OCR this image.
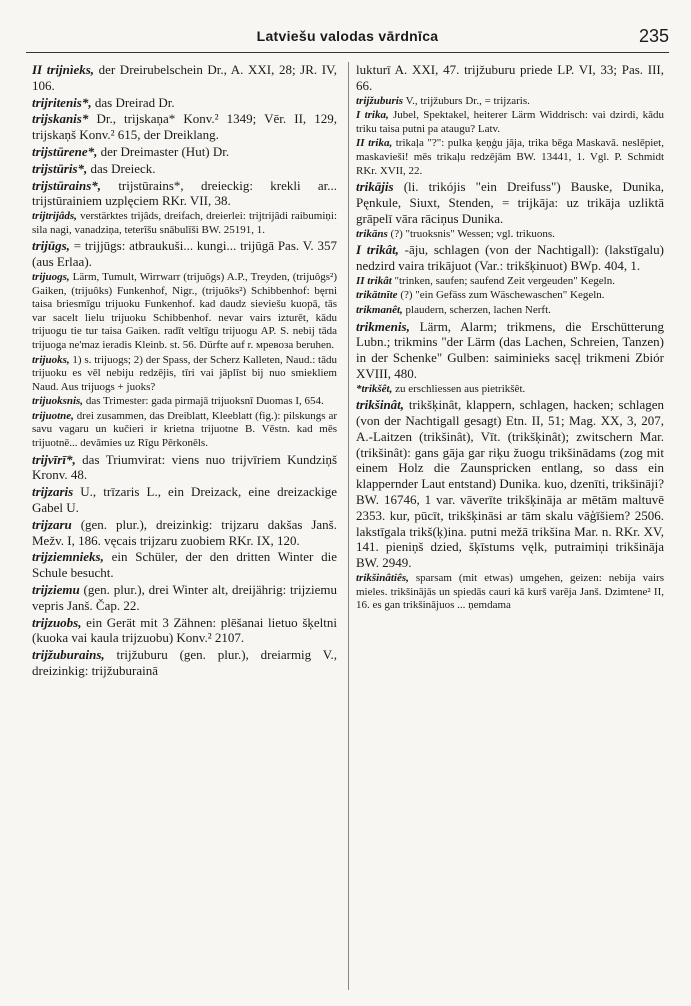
Latviešu valodas vārdnīca	235

II trijnìeks, der Dreirubelschein Dr., A. XXI, 28; JR. IV, 106.

trijritenis*, das Dreirad Dr.

trijskanis* Dr., trijskaņa* Konv.² 1349; Vēr. II, 129, trijskaņš Konv.² 615, der Dreiklang.

trijstūrene*, der Dreimaster (Hut) Dr.

trijstūris*, das Dreieck.

trijstūrains*, trijstūrains*, dreieckig: krekli ar... trijstūrainiem uzplęciem RKr. VII, 38.

trijtrijâds, verstärktes trijâds, dreifach, dreierlei: trijtrijâdi raibumiņi: sila nagi, vanadziņa, teterīšu snābulīši BW. 25191, 1.

trijūgs, = trijjūgs: atbraukuši... kungi... trijūgā Pas. V. 357 (aus Erlaa).

trijuogs, Lärm, Tumult, Wirrwarr (trijuõgs) A.P., Treyden, (trijuôgs²) Gaiken, (trijuôks) Funkenhof, Nigr., (trijuõks²) Schibbenhof: bęrni taisa briesmīgu trijuoku Funkenhof. kad daudz sieviešu kuopā, tās var sacelt lielu trijuoku Schibbenhof. nevar vairs izturēt, kādu trijuogu tie tur taisa Gaiken. radīt veltīgu trijuogu AP. S. nebij tāda trijuoga ne'maz ieradis Kleinb. st. 56. Dürfte auf r. мревоза beruhen.

trijuoks, 1) s. trijuogs; 2) der Spass, der Scherz Kalleten, Naud.: tādu trijuoku es vēl nebiju redzējis, tīri vai jāplīst bij nuo smiekliem Naud. Aus trijuogs + juoks?

trijuoksnis, das Trimester: gada pirmajā trijuoksnī Duomas I, 654.

trijuotne, drei zusammen, das Dreiblatt, Kleeblatt (fig.): pilskungs ar savu vagaru un kučieri ir krietna trijuotne B. Vēstn. kad mēs trijuotnē... devāmies uz Rīgu Pērkonēls.

trijvīrī*, das Triumvirat: viens nuo trijvīriem Kundziņš Kronv. 48.

trijzaris U., trīzaris L., ein Dreizack, eine dreizackige Gabel U.

trijzaru (gen. plur.), dreizinkig: trijzaru dakšas Janš. Mežv. I, 186. vęcais trijzaru zuobiem RKr. IX, 120.

trijziemnieks, ein Schüler, der den dritten Winter die Schule besucht.

trijziemu (gen. plur.), drei Winter alt, dreijährig: trijziemu vepris Janš. Čap. 22.

trijzuobs, ein Gerät mit 3 Zähnen: plēšanai lietuo šķeltni (kuoka vai kaula trijzuobu) Konv.² 2107.

trijžuburains, trijžuburu (gen. plur.), dreiarmig V., dreizinkig: trijžuburainā

lukturī A. XXI, 47. trijžuburu priede LP. VI, 33; Pas. III, 66.

trijžuburis V., trijžuburs Dr., = trijzaris.

I trika, Jubel, Spektakel, heiterer Lärm Widdrisch: vai dzirdi, kādu triku taisa putni pa ataugu? Latv.

II trika, trikaļa "?": pulka ķeņģu jāja, trika bēga Maskavā. neslēpiet, maskavieši! mēs trikaļu redzējām BW. 13441, 1. Vgl. P. Schmidt RKr. XVII, 22.

trikājis (li. trikójis "ein Dreifuss") Bauske, Dunika, Pęnkule, Siuxt, Stenden, = trijkāja: uz trikāja uzliktā grāpelī vāra rāciņus Dunika.

trikāns (?) "truoksnis" Wessen; vgl. trikuons.

I trikât, -āju, schlagen (von der Nachtigall): (lakstīgalu) nedzird vaira trikājuot (Var.: trikšķinuot) BWp. 404, 1.

II trikât "trinken, saufen; saufend Zeit vergeuden" Kegeln.

trikātnīte (?) "ein Gefäss zum Wäschewaschen" Kegeln.

trikmanêt, plaudern, scherzen, lachen Nerft.

trikmenis, Lärm, Alarm; trikmens, die Erschütterung Lubn.; trikmins "der Lärm (das Lachen, Schreien, Tanzen) in der Schenke" Gulben: saiminieks sacęļ trikmeni Zbiór XVIII, 480.

*trikšêt, zu erschliessen aus pietrikšêt.

trikšinât, trikšķinât, klappern, schlagen, hacken; schlagen (von der Nachtigall gesagt) Etn. II, 51; Mag. XX, 3, 207, A.-Laitzen (trikšinât), Vīt. (trikšķinât); zwitschern Mar. (trikšinât): gans gāja gar riķu žuogu trikšinādams (zog mit einem Holz die Zaunspricken entlang, so dass ein klappernder Laut entstand) Dunika. kuo, dzenīti, trikšināji? BW. 16746, 1 var. vāverīte trikšķināja ar mētām maltuvē 2353. kur, pūcīt, trikšķināsi ar tām skalu vāģīšiem? 2506. lakstīgala trikš(ķ)ina. putni mežā trikšina Mar. n. RKr. XV, 141. pieniņš dzied, šķīstums vęlk, putraimiņi trikšināja BW. 2949.

trikšinâtiês, sparsam (mit etwas) umgehen, geizen: nebija vairs mieles. trikšinājās un spiedās cauri kā kurš varēja Janš. Dzimtene² II, 16. es gan trikšinājuos ... ņemdama
